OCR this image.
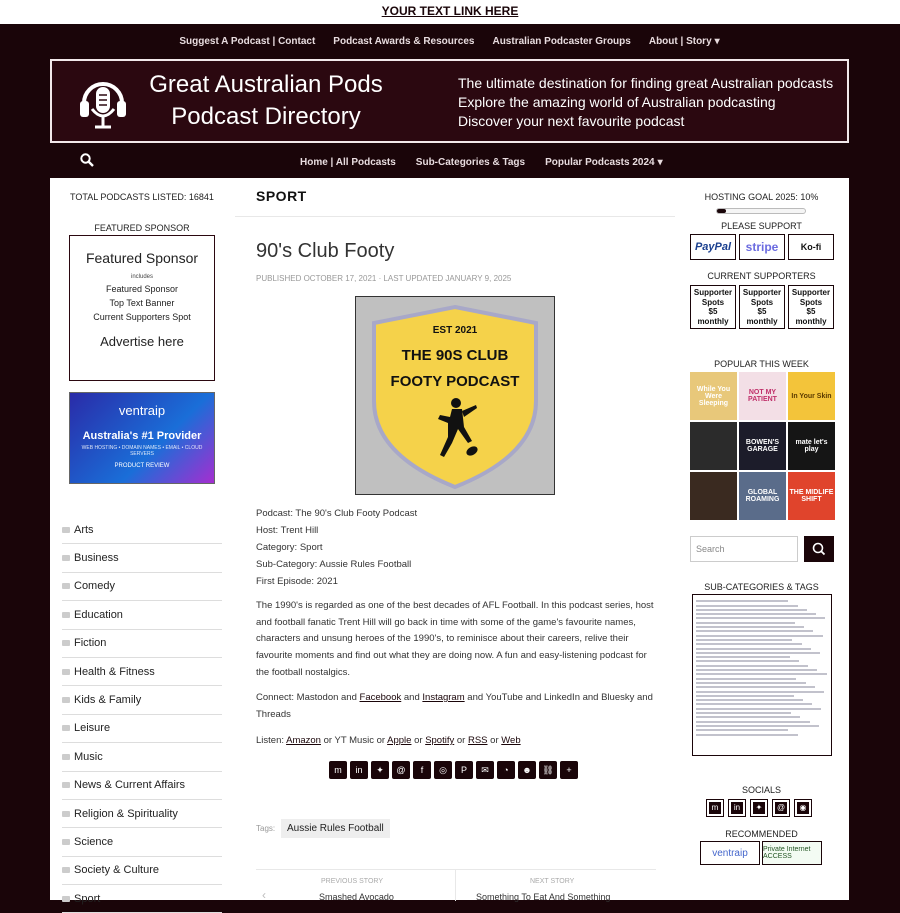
YOUR TEXT LINK HERE
Suggest A Podcast | Contact Podcast Awards & Resources Australian Podcaster Groups About | Story ▾
Great Australian Pods
Podcast Directory
The ultimate destination for finding great Australian podcasts
Explore the amazing world of Australian podcasting
Discover your next favourite podcast
Home | All Podcasts Sub-Categories & Tags Popular Podcasts 2024 ▾
TOTAL PODCASTS LISTED: 16841
FEATURED SPONSOR
Featured Sponsor
includes
Featured Sponsor
Top Text Banner
Current Supporters Spot
Advertise here
ventraip
Australia's #1 Provider
WEB HOSTING • DOMAIN NAMES • EMAIL • CLOUD SERVERS
PRODUCT REVIEW
Arts
Business
Comedy
Education
Fiction
Health & Fitness
Kids & Family
Leisure
Music
News & Current Affairs
Religion & Spirituality
Science
Society & Culture
Sport
SPORT
90's Club Footy
PUBLISHED OCTOBER 17, 2021 · LAST UPDATED JANUARY 9, 2025
EST 2021
THE 90S CLUB
FOOTY PODCAST
Podcast: The 90's Club Footy Podcast
Host: Trent Hill
Category: Sport
Sub-Category: Aussie Rules Football
First Episode: 2021
The 1990's is regarded as one of the best decades of AFL Football. In this podcast series, host and football fanatic Trent Hill will go back in time with some of the game's favourite names, characters and unsung heroes of the 1990's, to reminisce about their careers, relive their favourite moments and find out what they are doing now. A fun and easy-listening podcast for the football nostalgics.
Connect: Mastodon and Facebook and Instagram and YouTube and LinkedIn and Bluesky and Threads
Listen: Amazon or YT Music or Apple or Spotify or RSS or Web
m	in	✦	@	f	◎	P	✉	◔	☻	⛓	+
Tags:	Aussie Rules Football
PREVIOUS STORY
Smashed Avocado
‹
NEXT STORY
Something To Eat And Something
HOSTING GOAL 2025: 10%
PLEASE SUPPORT
PayPal	stripe	Ko-fi
CURRENT SUPPORTERS
Supporter
Spots
$5
monthly
Supporter
Spots
$5
monthly
Supporter
Spots
$5
monthly
POPULAR THIS WEEK
While You Were Sleeping
NOT MY PATIENT	In Your Skin
BOWEN'S GARAGE
mate let's play
GLOBAL ROAMING
THE MIDLIFE SHIFT
Search
SUB-CATEGORIES & TAGS
SOCIALS
m	in	✦	@	◉
RECOMMENDED
ventraip	Private Internet ACCESS
